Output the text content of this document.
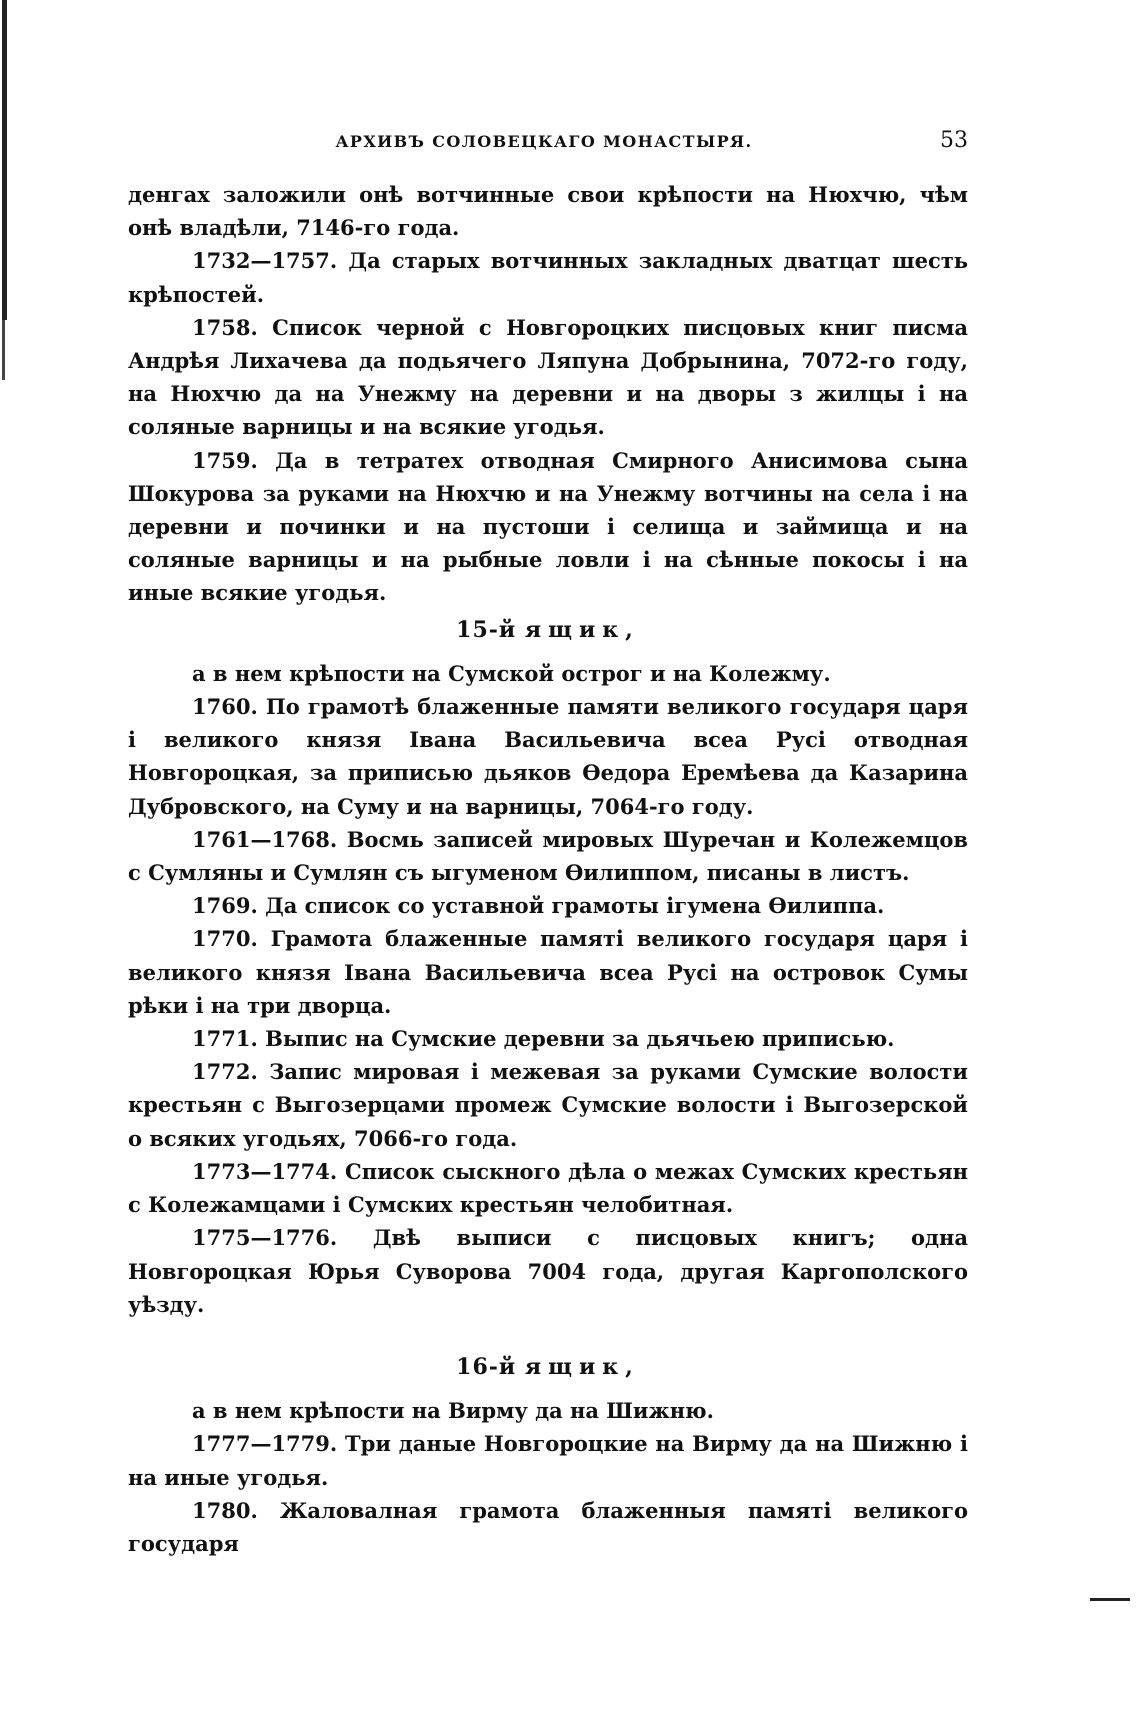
АРХИВЪ СОЛОВЕЦКАГО МОНАСТЫРЯ.	53

денгах заложили онѣ вотчинные свои крѣпости на Нюхчю, чѣм онѣ владѣли, 7146-го года.

1732—1757. Да старых вотчинных закладных дватцат шесть крѣпостей.

1758. Список черной с Новгороцких писцовых книг писма Андрѣя Лихачева да подьячего Ляпуна Добрынина, 7072-го году, на Нюхчю да на Унежму на деревни и на дворы з жилцы і на соляные варницы и на всякие угодья.

1759. Да в тетратех отводная Смирного Анисимова сына Шокурова за руками на Нюхчю и на Унежму вотчины на села і на деревни и починки и на пустоши і селища и займища и на соляные варницы и на рыбные ловли і на сѣнные покосы і на иные всякие угодья.

15-й ящик,

а в нем крѣпости на Сумской острог и на Колежму.

1760. По грамотѣ блаженные памяти великого государя царя і великого князя Івана Васильевича всеа Русі отводная Новгороцкая, за приписью дьяков Өедора Еремѣева да Казарина Дубровского, на Суму и на варницы, 7064-го году.

1761—1768. Восмь записей мировых Шуречан и Колежемцов с Сумляны и Сумлян съ ыгуменом Өилиппом, писаны в листъ.

1769. Да список со уставной грамоты ігумена Өилиппа.

1770. Грамота блаженные памяті великого государя царя і великого князя Івана Васильевича всеа Русі на островок Сумы рѣки і на три дворца.

1771. Выпис на Сумские деревни за дьячьею приписью.

1772. Запис мировая і межевая за руками Сумские волости крестьян с Выгозерцами промеж Сумские волости і Выгозерской о всяких угодьях, 7066-го года.

1773—1774. Список сыскного дѣла о межах Сумских крестьян с Колежамцами і Сумских крестьян челобитная.

1775—1776. Двѣ выписи с писцовых книгъ; одна Новгороцкая Юрья Суворова 7004 года, другая Каргополского уѣзду.

16-й ящик,

а в нем крѣпости на Вирму да на Шижню.

1777—1779. Три даные Новгороцкие на Вирму да на Шижню і на иные угодья.

1780. Жаловалная грамота блаженныя памяті великого государя
